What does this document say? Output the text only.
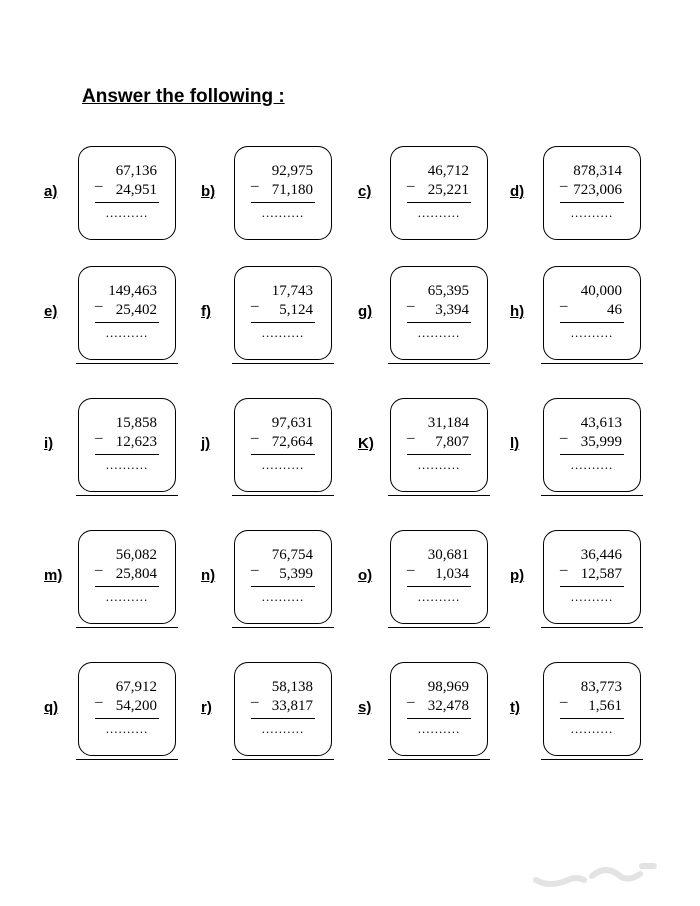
Answer the following :
a)
67,136
24,951
_
..........
b)
92,975
71,180
_
..........
c)
46,712
25,221
_
..........
d)
878,314
723,006
_
..........
e)
149,463
25,402
_
..........
f)
17,743
5,124
_
..........
g)
65,395
3,394
_
..........
h)
40,000
46
_
..........
i)
15,858
12,623
_
..........
j)
97,631
72,664
_
..........
K)
31,184
7,807
_
..........
l)
43,613
35,999
_
..........
m)
56,082
25,804
_
..........
n)
76,754
5,399
_
..........
o)
30,681
1,034
_
..........
p)
36,446
12,587
_
..........
q)
67,912
54,200
_
..........
r)
58,138
33,817
_
..........
s)
98,969
32,478
_
..........
t)
83,773
1,561
_
..........
